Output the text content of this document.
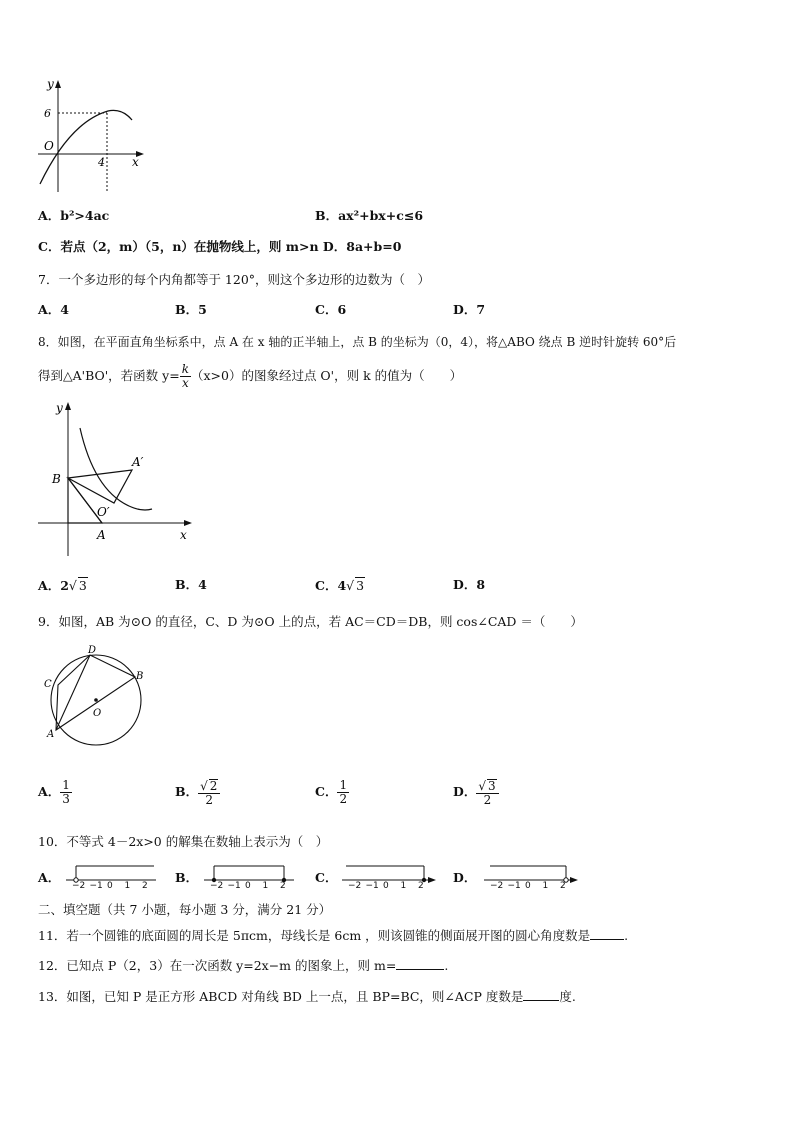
y
6
O
4 x
A．b²>4ac	B．ax²+bx+c≤6
C．若点（2，m）（5，n）在抛物线上，则 m>n D．8a+b=0
7．一个多边形的每个内角都等于 120°，则这个多边形的边数为（　）
A．4	B．5	C．6	D．7
8．如图，在平面直角坐标系中，点 A 在 x 轴的正半轴上，点 B 的坐标为（0，4），将△ABO 绕点 B 逆时针旋转 60°后
得到△A'BO'，若函数 $y= \frac{k}{x} (x>0)$的图象经过点 O'，则 k 的值为（　　）
y
B
A′
O′
A	x
A．2√ 3	B．4	C．4√ 3	D．8
9．如图，AB 为⊙O 的直径，C、D 为⊙O 上的点，若 AC＝CD＝DB，则 cos∠CAD ＝（　　）
D
C
B
O
A
A． $\frac{1}{3}$	B． $\frac{√ 2}{2}$	C． $\frac{1}{2}$	D． $\frac{√ 3}{2}$
10．不等式 4－2x>0 的解集在数轴上表示为（　）
A．	B．	C．	D．
−2 −1 0 1 2	−2 −1 0 1 2	−2 −1 0 1 2	−2 −1 0 1 2
二、填空题（共 7 小题，每小题 3 分，满分 21 分）
11．若一个圆锥的底面圆的周长是 5πcm，母线长是 6cm ，则该圆锥的侧面展开图的圆心角度数是	.
12．已知点 P（2，3）在一次函数 y=2x−m 的图象上，则 m=	.
13．如图，已知 P 是正方形 ABCD 对角线 BD 上一点，且 BP=BC，则∠ACP 度数是	度.
